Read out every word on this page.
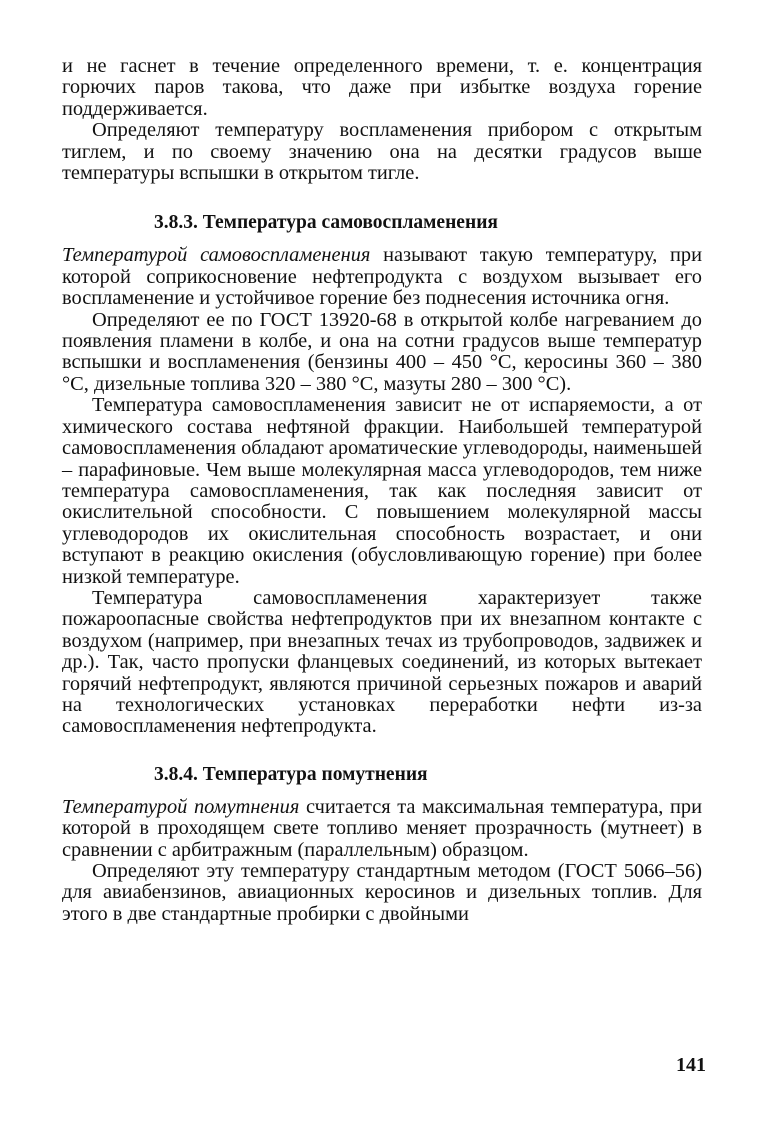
и не гаснет в течение определенного времени, т. е. концентрация горючих паров такова, что даже при избытке воздуха горение поддерживается.

Определяют температуру воспламенения прибором с открытым тиглем, и по своему значению она на десятки градусов выше температуры вспышки в открытом тигле.

3.8.3. Температура самовоспламенения

Температурой самовоспламенения называют такую температуру, при которой соприкосновение нефтепродукта с воздухом вызывает его воспламенение и устойчивое горение без поднесения источника огня.

Определяют ее по ГОСТ 13920-68 в открытой колбе нагреванием до появления пламени в колбе, и она на сотни градусов выше температур вспышки и воспламенения (бензины 400 – 450 °С, керосины 360 – 380 °С, дизельные топлива 320 – 380 °С, мазуты 280 – 300 °С).

Температура самовоспламенения зависит не от испаряемости, а от химического состава нефтяной фракции. Наибольшей температурой самовоспламенения обладают ароматические углеводороды, наименьшей – парафиновые. Чем выше молекулярная масса углеводородов, тем ниже температура самовоспламенения, так как последняя зависит от окислительной способности. С повышением молекулярной массы углеводородов их окислительная способность возрастает, и они вступают в реакцию окисления (обусловливающую горение) при более низкой температуре.

Температура самовоспламенения характеризует также пожароопасные свойства нефтепродуктов при их внезапном контакте с воздухом (например, при внезапных течах из трубопроводов, задвижек и др.). Так, часто пропуски фланцевых соединений, из которых вытекает горячий нефтепродукт, являются причиной серьезных пожаров и аварий на технологических установках переработки нефти из-за самовоспламенения нефтепродукта.

3.8.4. Температура помутнения

Температурой помутнения считается та максимальная температура, при которой в проходящем свете топливо меняет прозрачность (мутнеет) в сравнении с арбитражным (параллельным) образцом.

Определяют эту температуру стандартным методом (ГОСТ 5066–56) для авиабензинов, авиационных керосинов и дизельных топлив. Для этого в две стандартные пробирки с двойными

141
